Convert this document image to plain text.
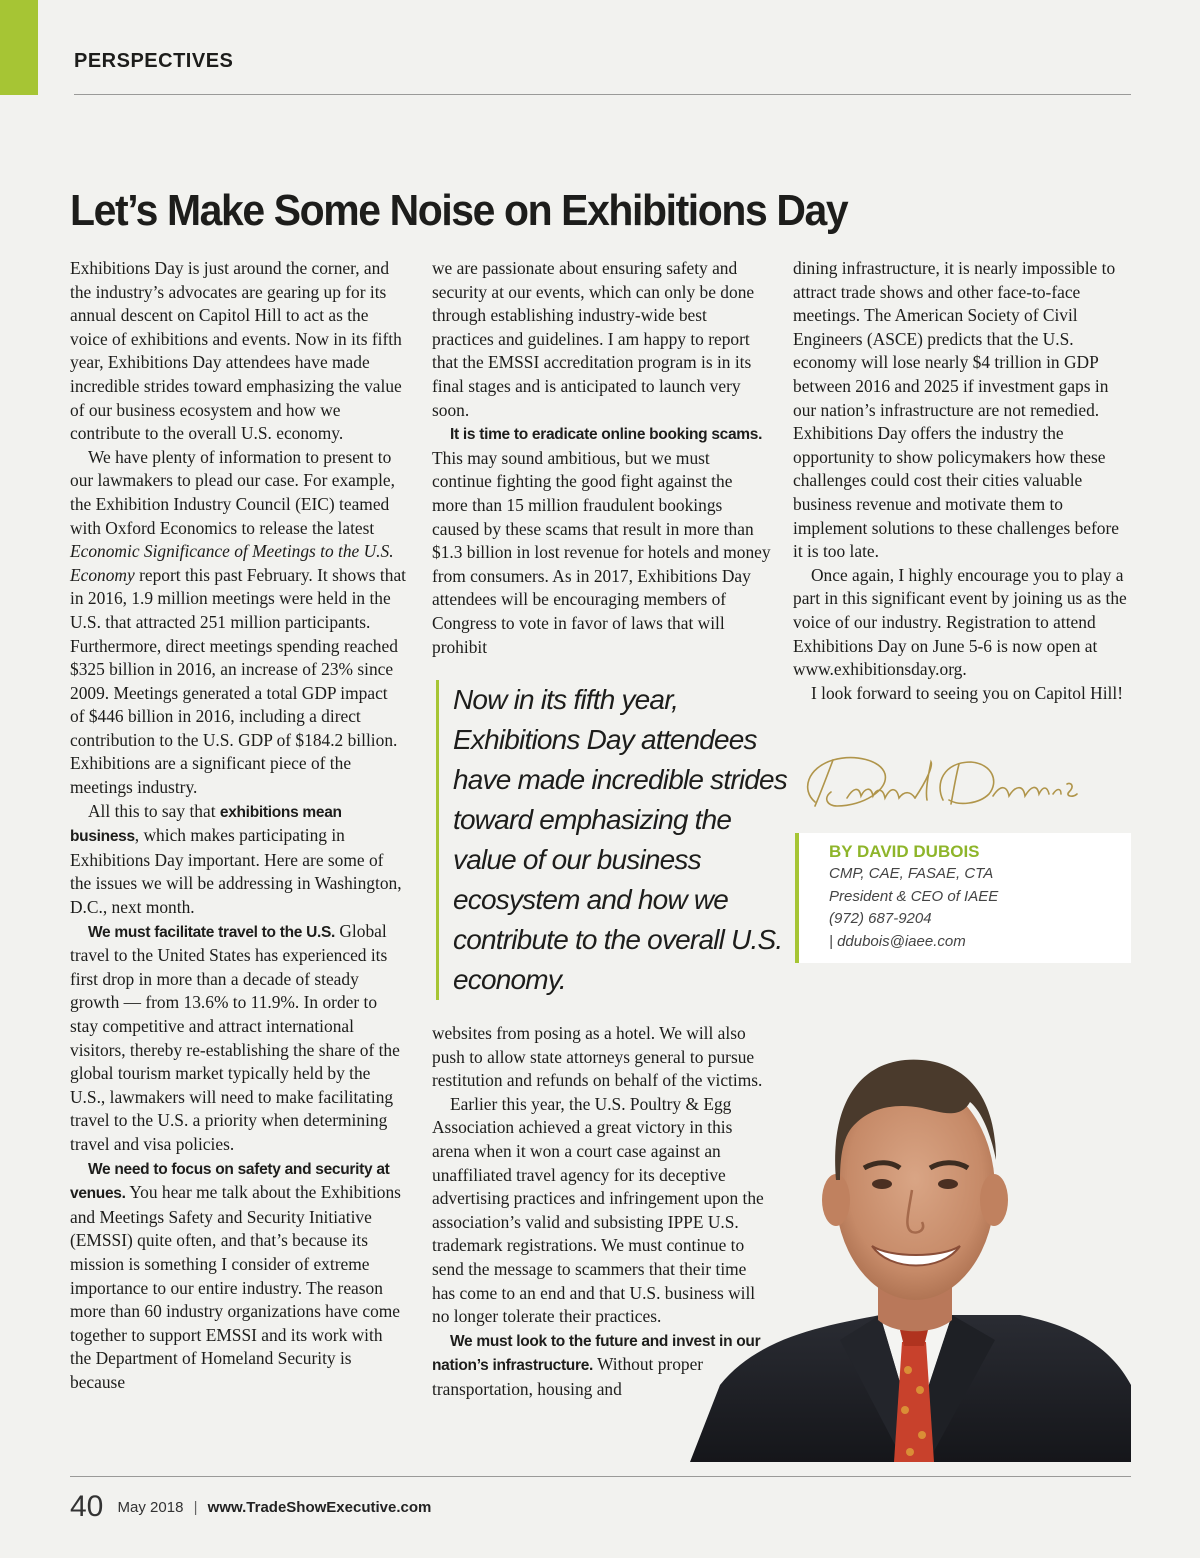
PERSPECTIVES
Let’s Make Some Noise on Exhibitions Day

Exhibitions Day is just around the corner, and the industry’s advocates are gearing up for its annual descent on Capitol Hill to act as the voice of exhibitions and events. Now in its fifth year, Exhibitions Day attendees have made incredible strides toward emphasizing the value of our business ecosystem and how we contribute to the overall U.S. economy.

We have plenty of information to present to our lawmakers to plead our case. For example, the Exhibition Industry Council (EIC) teamed with Oxford Economics to release the latest Economic Significance of Meetings to the U.S. Economy report this past February. It shows that in 2016, 1.9 million meetings were held in the U.S. that attracted 251 million participants. Furthermore, direct meetings spending reached $325 billion in 2016, an increase of 23% since 2009. Meetings generated a total GDP impact of $446 billion in 2016, including a direct contribution to the U.S. GDP of $184.2 billion. Exhibitions are a significant piece of the meetings industry.

All this to say that exhibitions mean business, which makes participating in Exhibitions Day important. Here are some of the issues we will be addressing in Washington, D.C., next month.

We must facilitate travel to the U.S. Global travel to the United States has experienced its first drop in more than a decade of steady growth — from 13.6% to 11.9%. In order to stay competitive and attract international visitors, thereby re-establishing the share of the global tourism market typically held by the U.S., lawmakers will need to make facilitating travel to the U.S. a priority when determining travel and visa policies.

We need to focus on safety and security at venues. You hear me talk about the Exhibitions and Meetings Safety and Security Initiative (EMSSI) quite often, and that’s because its mission is something I consider of extreme importance to our entire industry. The reason more than 60 industry organizations have come together to support EMSSI and its work with the Department of Homeland Security is because

we are passionate about ensuring safety and security at our events, which can only be done through establishing industry-wide best practices and guidelines. I am happy to report that the EMSSI accreditation program is in its final stages and is anticipated to launch very soon.

It is time to eradicate online booking scams. This may sound ambitious, but we must continue fighting the good fight against the more than 15 million fraudulent bookings caused by these scams that result in more than $1.3 billion in lost revenue for hotels and money from consumers. As in 2017, Exhibitions Day attendees will be encouraging members of Congress to vote in favor of laws that will prohibit

Now in its fifth year, Exhibitions Day attendees have made incredible strides toward emphasizing the value of our business ecosystem and how we contribute to the overall U.S. economy.

websites from posing as a hotel. We will also push to allow state attorneys general to pursue restitution and refunds on behalf of the victims.

Earlier this year, the U.S. Poultry & Egg Association achieved a great victory in this arena when it won a court case against an unaffiliated travel agency for its deceptive advertising practices and infringement upon the association’s valid and subsisting IPPE U.S. trademark registrations. We must continue to send the message to scammers that their time has come to an end and that U.S. business will no longer tolerate their practices.

We must look to the future and invest in our nation’s infrastructure. Without proper transportation, housing and

dining infrastructure, it is nearly impossible to attract trade shows and other face-to-face meetings. The American Society of Civil Engineers (ASCE) predicts that the U.S. economy will lose nearly $4 trillion in GDP between 2016 and 2025 if investment gaps in our nation’s infrastructure are not remedied. Exhibitions Day offers the industry the opportunity to show policymakers how these challenges could cost their cities valuable business revenue and motivate them to implement solutions to these challenges before it is too late.

Once again, I highly encourage you to play a part in this significant event by joining us as the voice of our industry. Registration to attend Exhibitions Day on June 5-6 is now open at www.exhibitionsday.org.

I look forward to seeing you on Capitol Hill!

BY DAVID DUBOIS
CMP, CAE, FASAE, CTA
President & CEO of IAEE
(972) 687-9204
| ddubois@iaee.com
40 May 2018 | www.TradeShowExecutive.com
